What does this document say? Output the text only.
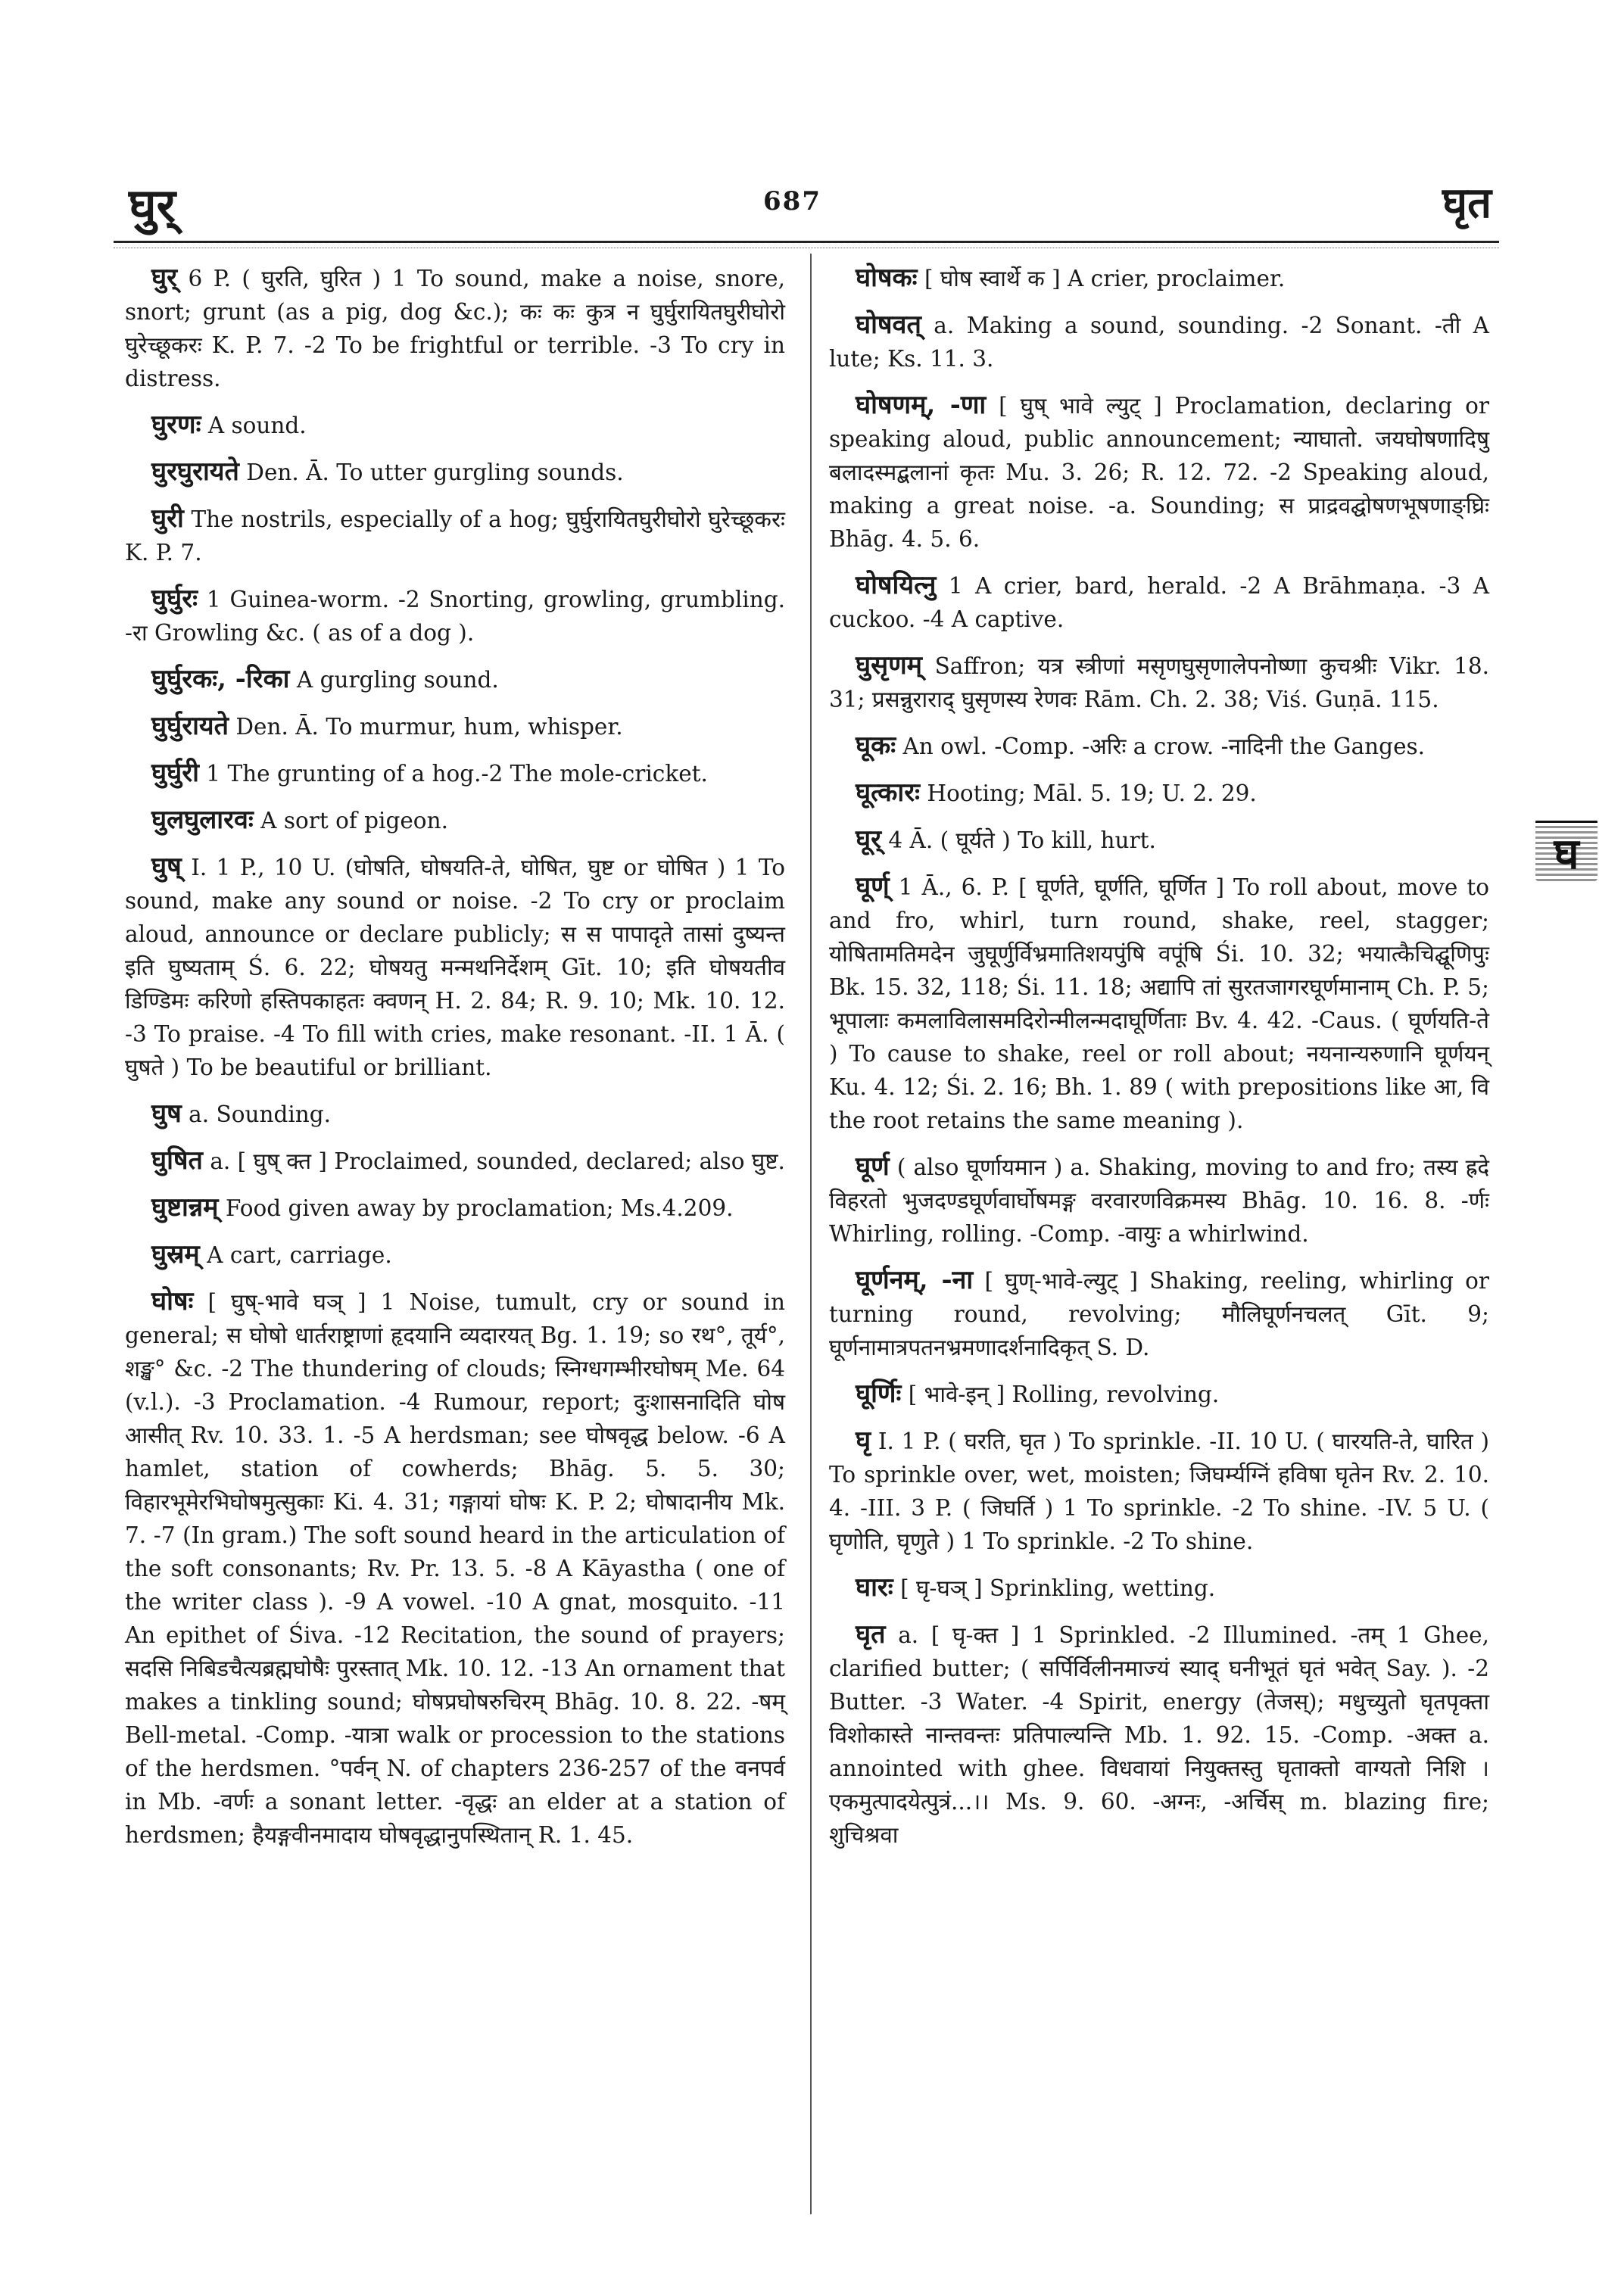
घुर्	687	घृत

घुर् 6 P. ( घुरति, घुरित ) 1 To sound, make a noise, snore, snort; grunt (as a pig, dog &c.); कः कः कुत्र न घुर्घुरायितघुरीघोरो घुरेच्छूकरः K. P. 7. -2 To be frightful or terrible. -3 To cry in distress.

घुरणः A sound.

घुरघुरायते Den. Ā. To utter gurgling sounds.

घुरी The nostrils, especially of a hog; घुर्घुरायितघुरीघोरो घुरेच्छूकरः K. P. 7.

घुर्घुरः 1 Guinea-worm. -2 Snorting, growling, grumbling. -रा Growling &c. ( as of a dog ).

घुर्घुरकः, -रिका A gurgling sound.

घुर्घुरायते Den. Ā. To murmur, hum, whisper.

घुर्घुरी 1 The grunting of a hog.-2 The mole-cricket.

घुलघुलारवः A sort of pigeon.

घुष् I. 1 P., 10 U. (घोषति, घोषयति-ते, घोषित, घुष्ट or घोषित ) 1 To sound, make any sound or noise. -2 To cry or proclaim aloud, announce or declare publicly; स स पापादृते तासां दुष्यन्त इति घुष्यताम् Ś. 6. 22; घोषयतु मन्मथनिर्देशम् Gīt. 10; इति घोषयतीव डिण्डिमः करिणो हस्तिपकाहतः क्वणन् H. 2. 84; R. 9. 10; Mk. 10. 12. -3 To praise. -4 To fill with cries, make resonant. -II. 1 Ā. ( घुषते ) To be beautiful or brilliant.

घुष a. Sounding.

घुषित a. [ घुष् क्त ] Proclaimed, sounded, declared; also घुष्ट.

घुष्टान्नम् Food given away by proclamation; Ms.4.209.

घुस्रम् A cart, carriage.

घोषः [ घुष्-भावे घञ् ] 1 Noise, tumult, cry or sound in general; स घोषो धार्तराष्ट्राणां हृदयानि व्यदारयत् Bg. 1. 19; so रथ°, तूर्य°, शङ्ख° &c. -2 The thundering of clouds; स्निग्धगम्भीरघोषम् Me. 64 (v.l.). -3 Proclamation. -4 Rumour, report; दुःशासनादिति घोष आसीत् Rv. 10. 33. 1. -5 A herdsman; see घोषवृद्ध below. -6 A hamlet, station of cowherds; Bhāg. 5. 5. 30; विहारभूमेरभिघोषमुत्सुकाः Ki. 4. 31; गङ्गायां घोषः K. P. 2; घोषादानीय Mk. 7. -7 (In gram.) The soft sound heard in the articulation of the soft consonants; Rv. Pr. 13. 5. -8 A Kāyastha ( one of the writer class ). -9 A vowel. -10 A gnat, mosquito. -11 An epithet of Śiva. -12 Recitation, the sound of prayers; सदसि निबिडचैत्यब्रह्मघोषैः पुरस्तात् Mk. 10. 12. -13 An ornament that makes a tinkling sound; घोषप्रघोषरुचिरम् Bhāg. 10. 8. 22. -षम् Bell-metal. -Comp. -यात्रा walk or procession to the stations of the herdsmen. °पर्वन् N. of chapters 236-257 of the वनपर्व in Mb. -वर्णः a sonant letter. -वृद्धः an elder at a station of herdsmen; हैयङ्गवीनमादाय घोषवृद्धानुपस्थितान् R. 1. 45.

घोषकः [ घोष स्वार्थे क ] A crier, proclaimer.

घोषवत् a. Making a sound, sounding. -2 Sonant. -ती A lute; Ks. 11. 3.

घोषणम्, -णा [ घुष् भावे ल्युट् ] Proclamation, declaring or speaking aloud, public announcement; न्याघातो. जयघोषणादिषु बलादस्मद्बलानां कृतः Mu. 3. 26; R. 12. 72. -2 Speaking aloud, making a great noise. -a. Sounding; स प्राद्रवद्घोषणभूषणाङ्घ्रिः Bhāg. 4. 5. 6.

घोषयित्नु 1 A crier, bard, herald. -2 A Brāhmaṇa. -3 A cuckoo. -4 A captive.

घुसृणम् Saffron; यत्र स्त्रीणां मसृणघुसृणालेपनोष्णा कुचश्रीः Vikr. 18. 31; प्रसन्नुराराद् घुसृणस्य रेणवः Rām. Ch. 2. 38; Viś. Guṇā. 115.

घूकः An owl. -Comp. -अरिः a crow. -नादिनी the Ganges.

घूत्कारः Hooting; Māl. 5. 19; U. 2. 29.

घूर् 4 Ā. ( घूर्यते ) To kill, hurt.

घूर्ण् 1 Ā., 6. P. [ घूर्णते, घूर्णति, घूर्णित ] To roll about, move to and fro, whirl, turn round, shake, reel, stagger; योषितामतिमदेन जुघूर्णुर्विभ्रमातिशयपुंषि वपूंषि Śi. 10. 32; भयात्कैचिद्घूणिपुः Bk. 15. 32, 118; Śi. 11. 18; अद्यापि तां सुरतजागरघूर्णमानाम् Ch. P. 5; भूपालाः कमलाविलासमदिरोन्मीलन्मदाघूर्णिताः Bv. 4. 42. -Caus. ( घूर्णयति-ते ) To cause to shake, reel or roll about; नयनान्यरुणानि घूर्णयन् Ku. 4. 12; Śi. 2. 16; Bh. 1. 89 ( with prepositions like आ, वि the root retains the same meaning ).

घूर्ण ( also घूर्णायमान ) a. Shaking, moving to and fro; तस्य ह्रदे विहरतो भुजदण्डघूर्णवार्घोषमङ्ग वरवारणविक्रमस्य Bhāg. 10. 16. 8. -र्णः Whirling, rolling. -Comp. -वायुः a whirlwind.

घूर्णनम्, -ना [ घुण्-भावे-ल्युट् ] Shaking, reeling, whirling or turning round, revolving; मौलिघूर्णनचलत् Gīt. 9; घूर्णनामात्रपतनभ्रमणादर्शनादिकृत् S. D.

घूर्णिः [ भावे-इन् ] Rolling, revolving.

घृ I. 1 P. ( घरति, घृत ) To sprinkle. -II. 10 U. ( घारयति-ते, घारित ) To sprinkle over, wet, moisten; जिघर्म्यग्निं हविषा घृतेन Rv. 2. 10. 4. -III. 3 P. ( जिघर्ति ) 1 To sprinkle. -2 To shine. -IV. 5 U. ( घृणोति, घृणुते ) 1 To sprinkle. -2 To shine.

घारः [ घृ-घञ् ] Sprinkling, wetting.

घृत a. [ घृ-क्त ] 1 Sprinkled. -2 Illumined. -तम् 1 Ghee, clarified butter; ( सर्पिर्विलीनमाज्यं स्याद् घनीभूतं घृतं भवेत् Say. ). -2 Butter. -3 Water. -4 Spirit, energy (तेजस्); मधुच्युतो घृतपृक्ता विशोकास्ते नान्तवन्तः प्रतिपाल्यन्ति Mb. 1. 92. 15. -Comp. -अक्त a. annointed with ghee. विधवायां नियुक्तस्तु घृताक्तो वाग्यतो निशि । एकमुत्पादयेत्पुत्रं...।। Ms. 9. 60. -अग्नः, -अर्चिस् m. blazing fire; शुचिश्रवा

घ
